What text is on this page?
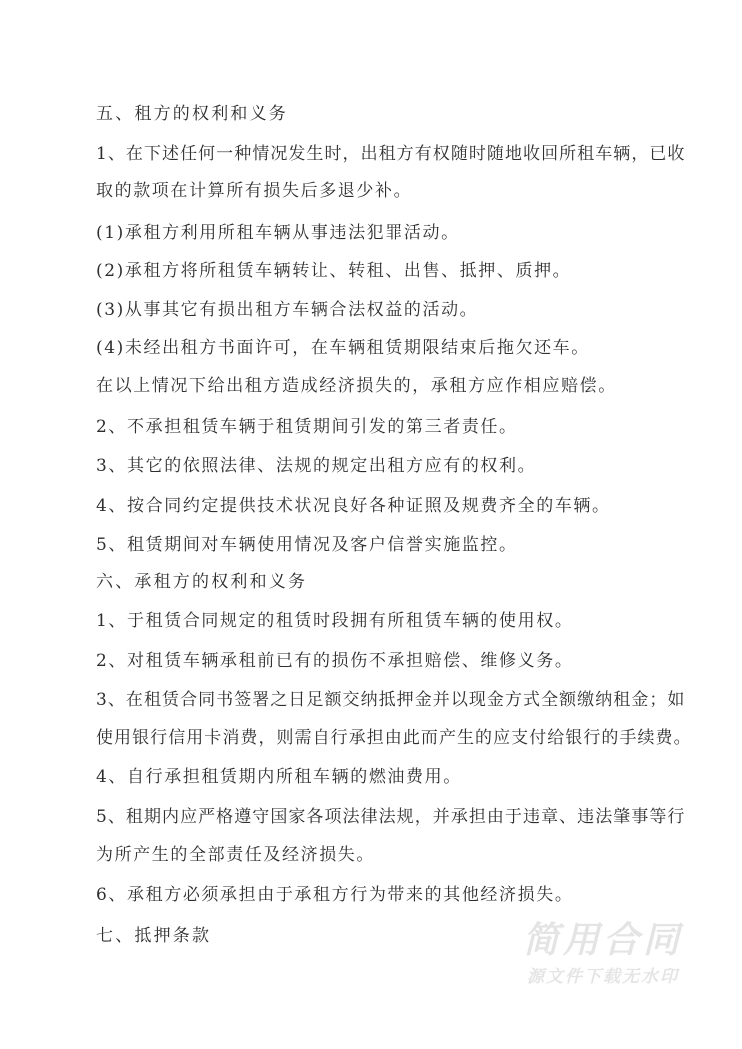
五、租方的权利和义务
1、在下述任何一种情况发生时，出租方有权随时随地收回所租车辆，已收
取的款项在计算所有损失后多退少补。
(1)承租方利用所租车辆从事违法犯罪活动。
(2)承租方将所租赁车辆转让、转租、出售、抵押、质押。
(3)从事其它有损出租方车辆合法权益的活动。
(4)未经出租方书面许可，在车辆租赁期限结束后拖欠还车。
在以上情况下给出租方造成经济损失的，承租方应作相应赔偿。
2、不承担租赁车辆于租赁期间引发的第三者责任。
3、其它的依照法律、法规的规定出租方应有的权利。
4、按合同约定提供技术状况良好各种证照及规费齐全的车辆。
5、租赁期间对车辆使用情况及客户信誉实施监控。
六、承租方的权利和义务
1、于租赁合同规定的租赁时段拥有所租赁车辆的使用权。
2、对租赁车辆承租前已有的损伤不承担赔偿、维修义务。
3、在租赁合同书签署之日足额交纳抵押金并以现金方式全额缴纳租金；如
使用银行信用卡消费，则需自行承担由此而产生的应支付给银行的手续费。
4、自行承担租赁期内所租车辆的燃油费用。
5、租期内应严格遵守国家各项法律法规，并承担由于违章、违法肇事等行
为所产生的全部责任及经济损失。
6、承租方必须承担由于承租方行为带来的其他经济损失。
七、抵押条款	简用合同
源文件下载无水印
